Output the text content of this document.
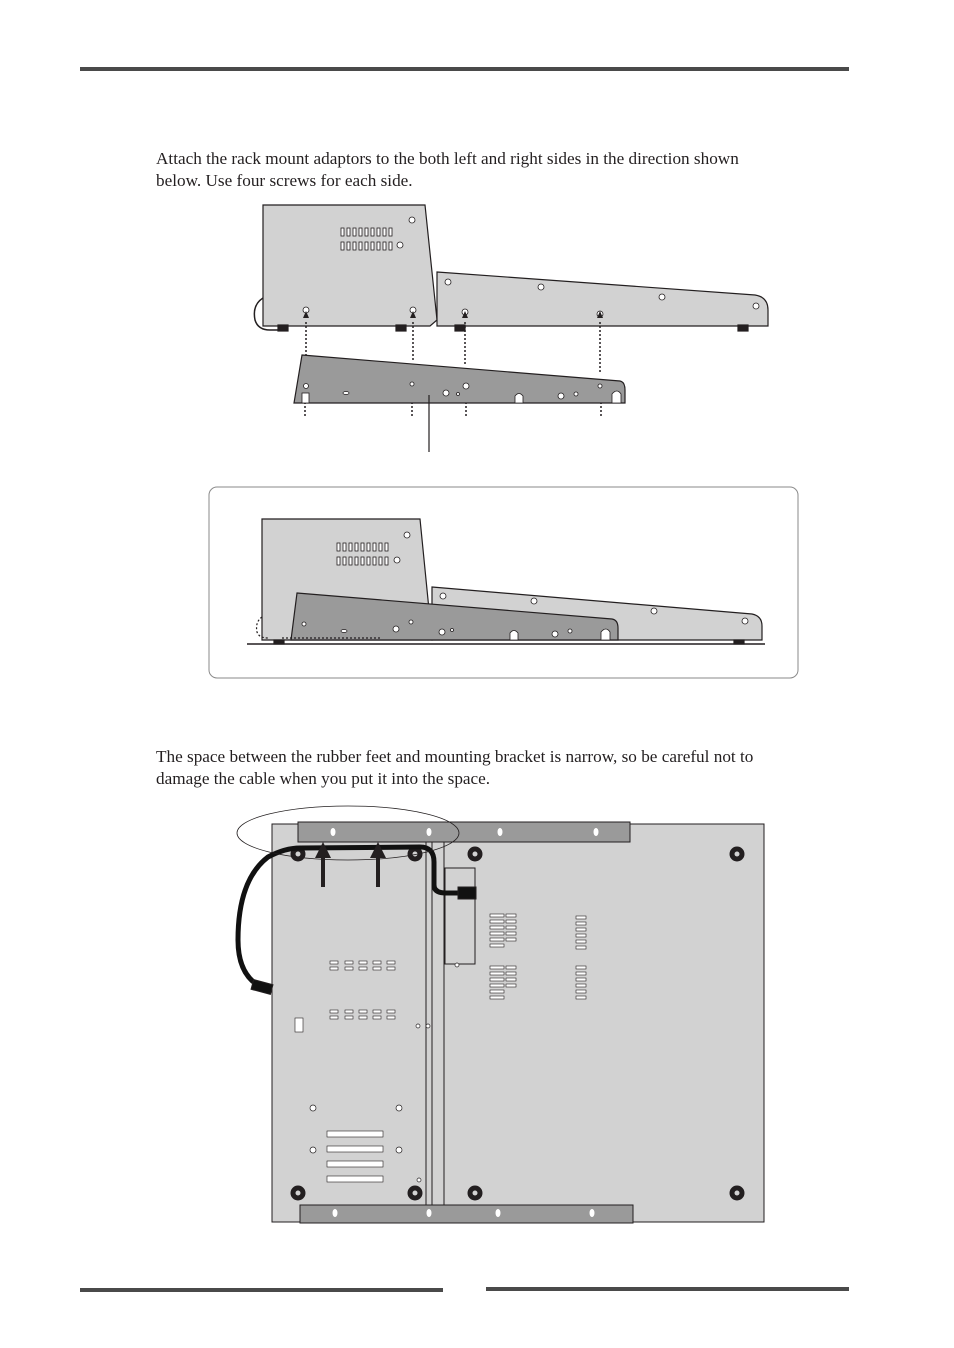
Attach the rack mount adaptors to the both left and right sides in the direction shown
below. Use four screws for each side.

The space between the rubber feet and mounting bracket is narrow, so be careful not to
damage the cable when you put it into the space.
